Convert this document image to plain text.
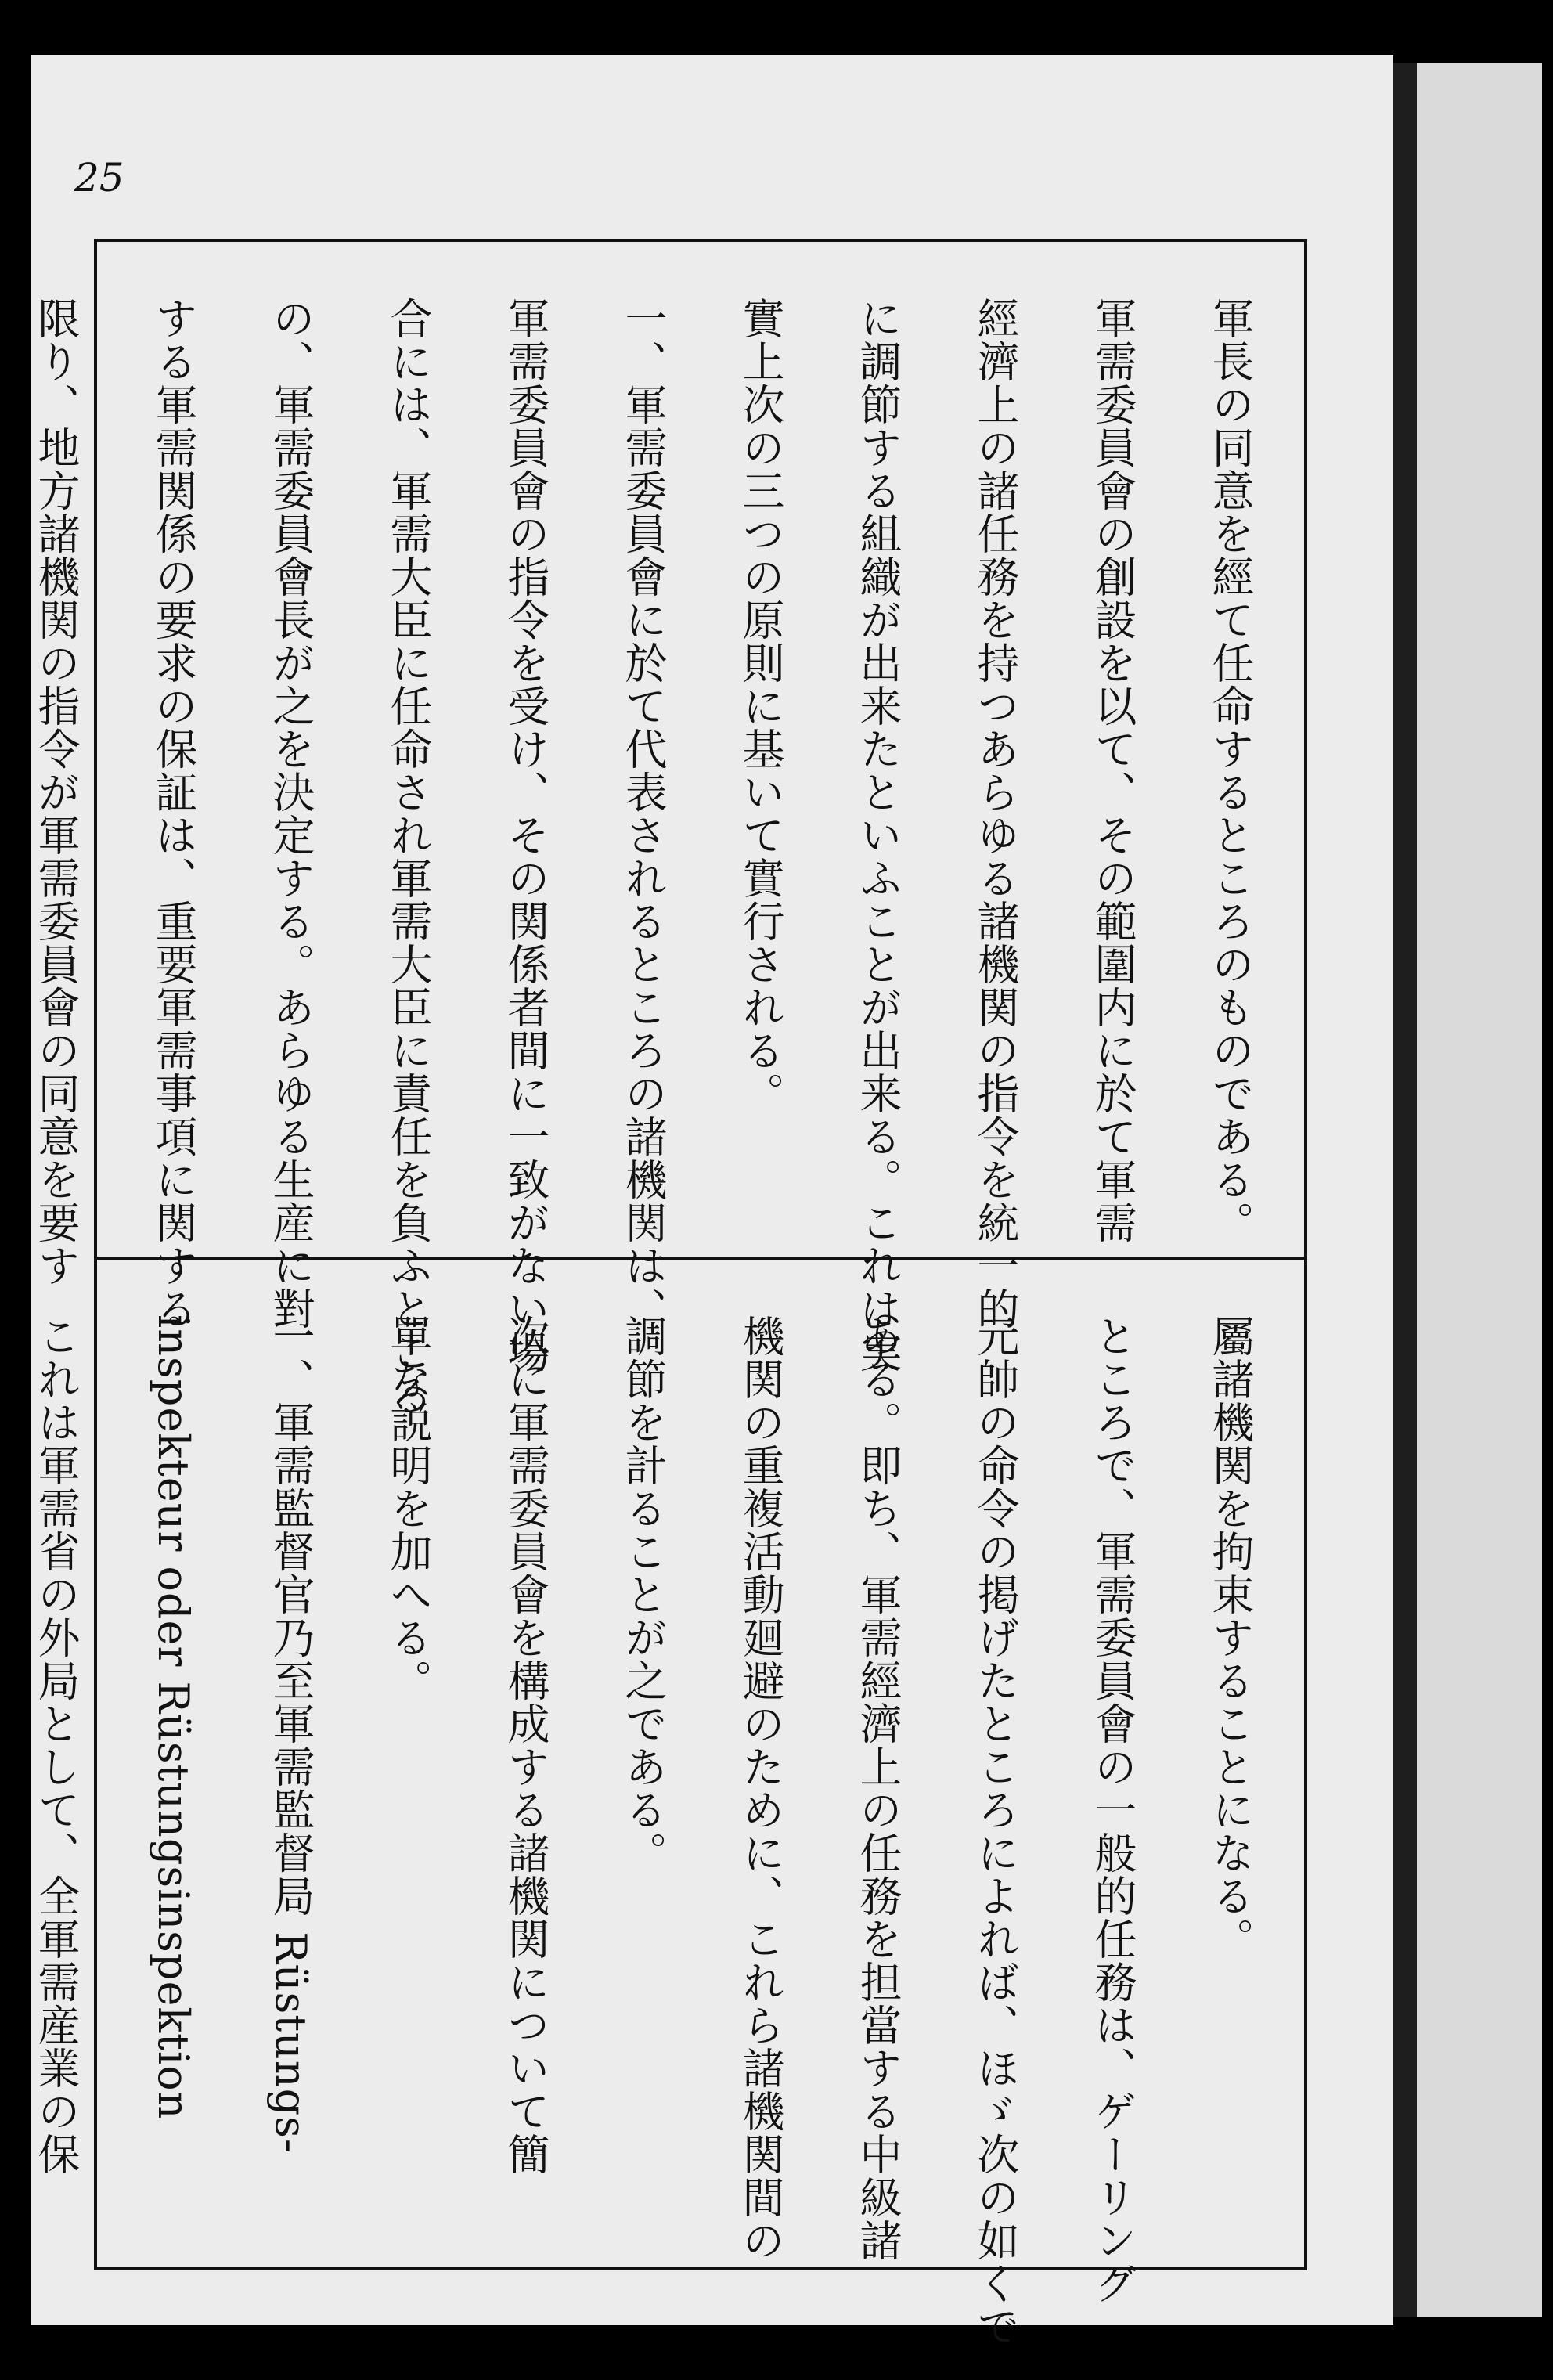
25
軍長の同意を經て任命するところのものである。
軍需委員會の創設を以て、その範圍内に於て軍需
經濟上の諸任務を持つあらゆる諸機関の指令を統一的
に調節する組織が出来たといふことが出来る。これは実
實上次の三つの原則に基いて實行される。
一、軍需委員會に於て代表されるところの諸機関は、
軍需委員會の指令を受け、その関係者間に一致がない場
合には、軍需大臣に任命され軍需大臣に責任を負ふところ
の、軍需委員會長が之を決定する。あらゆる生産に對
する軍需関係の要求の保証は、重要軍需事項に関する
限り、地方諸機関の指令が軍需委員會の同意を要す
屬諸機関を拘束することになる。
ところで、軍需委員會の一般的任務は、ゲーリング
元帥の命令の掲げたところによれば、ほゞ次の如くで
ある。即ち、軍需經濟上の任務を担當する中級諸
機関の重複活動廻避のために、これら諸機関間の
調節を計ることが之である。
次に軍需委員會を構成する諸機関について簡
單な説明を加へる。
一、軍需監督官乃至軍需監督局 Rüstungs-
inspekteur oder Rüstungsinspektion
これは軍需省の外局として、全軍需産業の保
